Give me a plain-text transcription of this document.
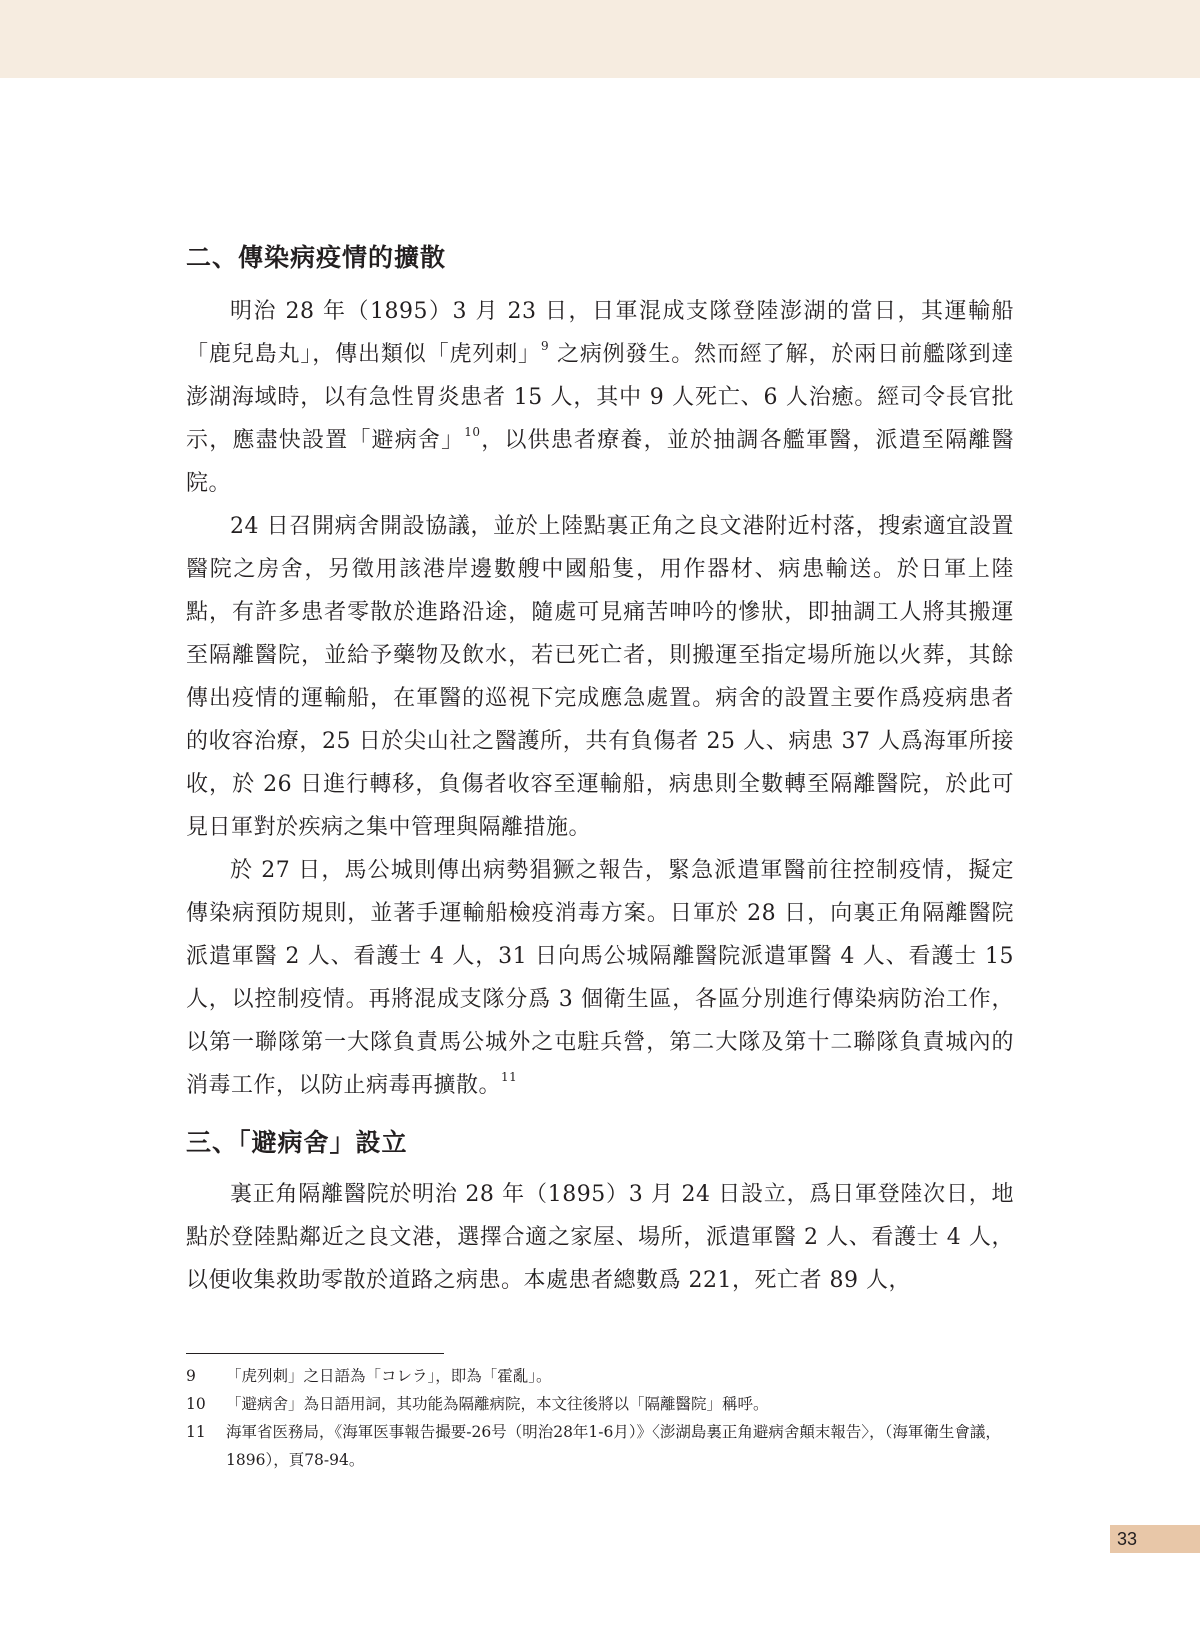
二、傳染病疫情的擴散

明治 28 年（1895）3 月 23 日，日軍混成支隊登陸澎湖的當日，其運輸船「鹿兒島丸」，傳出類似「虎列刺」$^9$ 之病例發生。然而經了解，於兩日前艦隊到達澎湖海域時，以有急性胃炎患者 15 人，其中 9 人死亡、6 人治癒。經司令長官批示，應盡快設置「避病舍」$^{10}$，以供患者療養，並於抽調各艦軍醫，派遣至隔離醫院。

24 日召開病舍開設協議，並於上陸點裏正角之良文港附近村落，搜索適宜設置醫院之房舍，另徵用該港岸邊數艘中國船隻，用作器材、病患輸送。於日軍上陸點，有許多患者零散於進路沿途，隨處可見痛苦呻吟的慘狀，即抽調工人將其搬運至隔離醫院，並給予藥物及飲水，若已死亡者，則搬運至指定場所施以火葬，其餘傳出疫情的運輸船，在軍醫的巡視下完成應急處置。病舍的設置主要作爲疫病患者的收容治療，25 日於尖山社之醫護所，共有負傷者 25 人、病患 37 人爲海軍所接收，於 26 日進行轉移，負傷者收容至運輸船，病患則全數轉至隔離醫院，於此可見日軍對於疾病之集中管理與隔離措施。

於 27 日，馬公城則傳出病勢猖獗之報告，緊急派遣軍醫前往控制疫情，擬定傳染病預防規則，並著手運輸船檢疫消毒方案。日軍於 28 日，向裏正角隔離醫院派遣軍醫 2 人、看護士 4 人，31 日向馬公城隔離醫院派遣軍醫 4 人、看護士 15 人，以控制疫情。再將混成支隊分爲 3 個衛生區，各區分別進行傳染病防治工作，以第一聯隊第一大隊負責馬公城外之屯駐兵營，第二大隊及第十二聯隊負責城內的消毒工作，以防止病毒再擴散。$^{11}$

三、「避病舍」設立

裏正角隔離醫院於明治 28 年（1895）3 月 24 日設立，爲日軍登陸次日，地點於登陸點鄰近之良文港，選擇合適之家屋、場所，派遣軍醫 2 人、看護士 4 人，以便收集救助零散於道路之病患。本處患者總數爲 221，死亡者 89 人，

9	「虎列刺」之日語為「コレラ」，即為「霍亂」。
10	「避病舍」為日語用詞，其功能為隔離病院，本文往後將以「隔離醫院」稱呼。
11	海軍省医務局，《海軍医事報告撮要-26号（明治28年1-6月）》〈澎湖島裏正角避病舍顛末報告〉，（海軍衛生會議，1896），頁78-94。
33
